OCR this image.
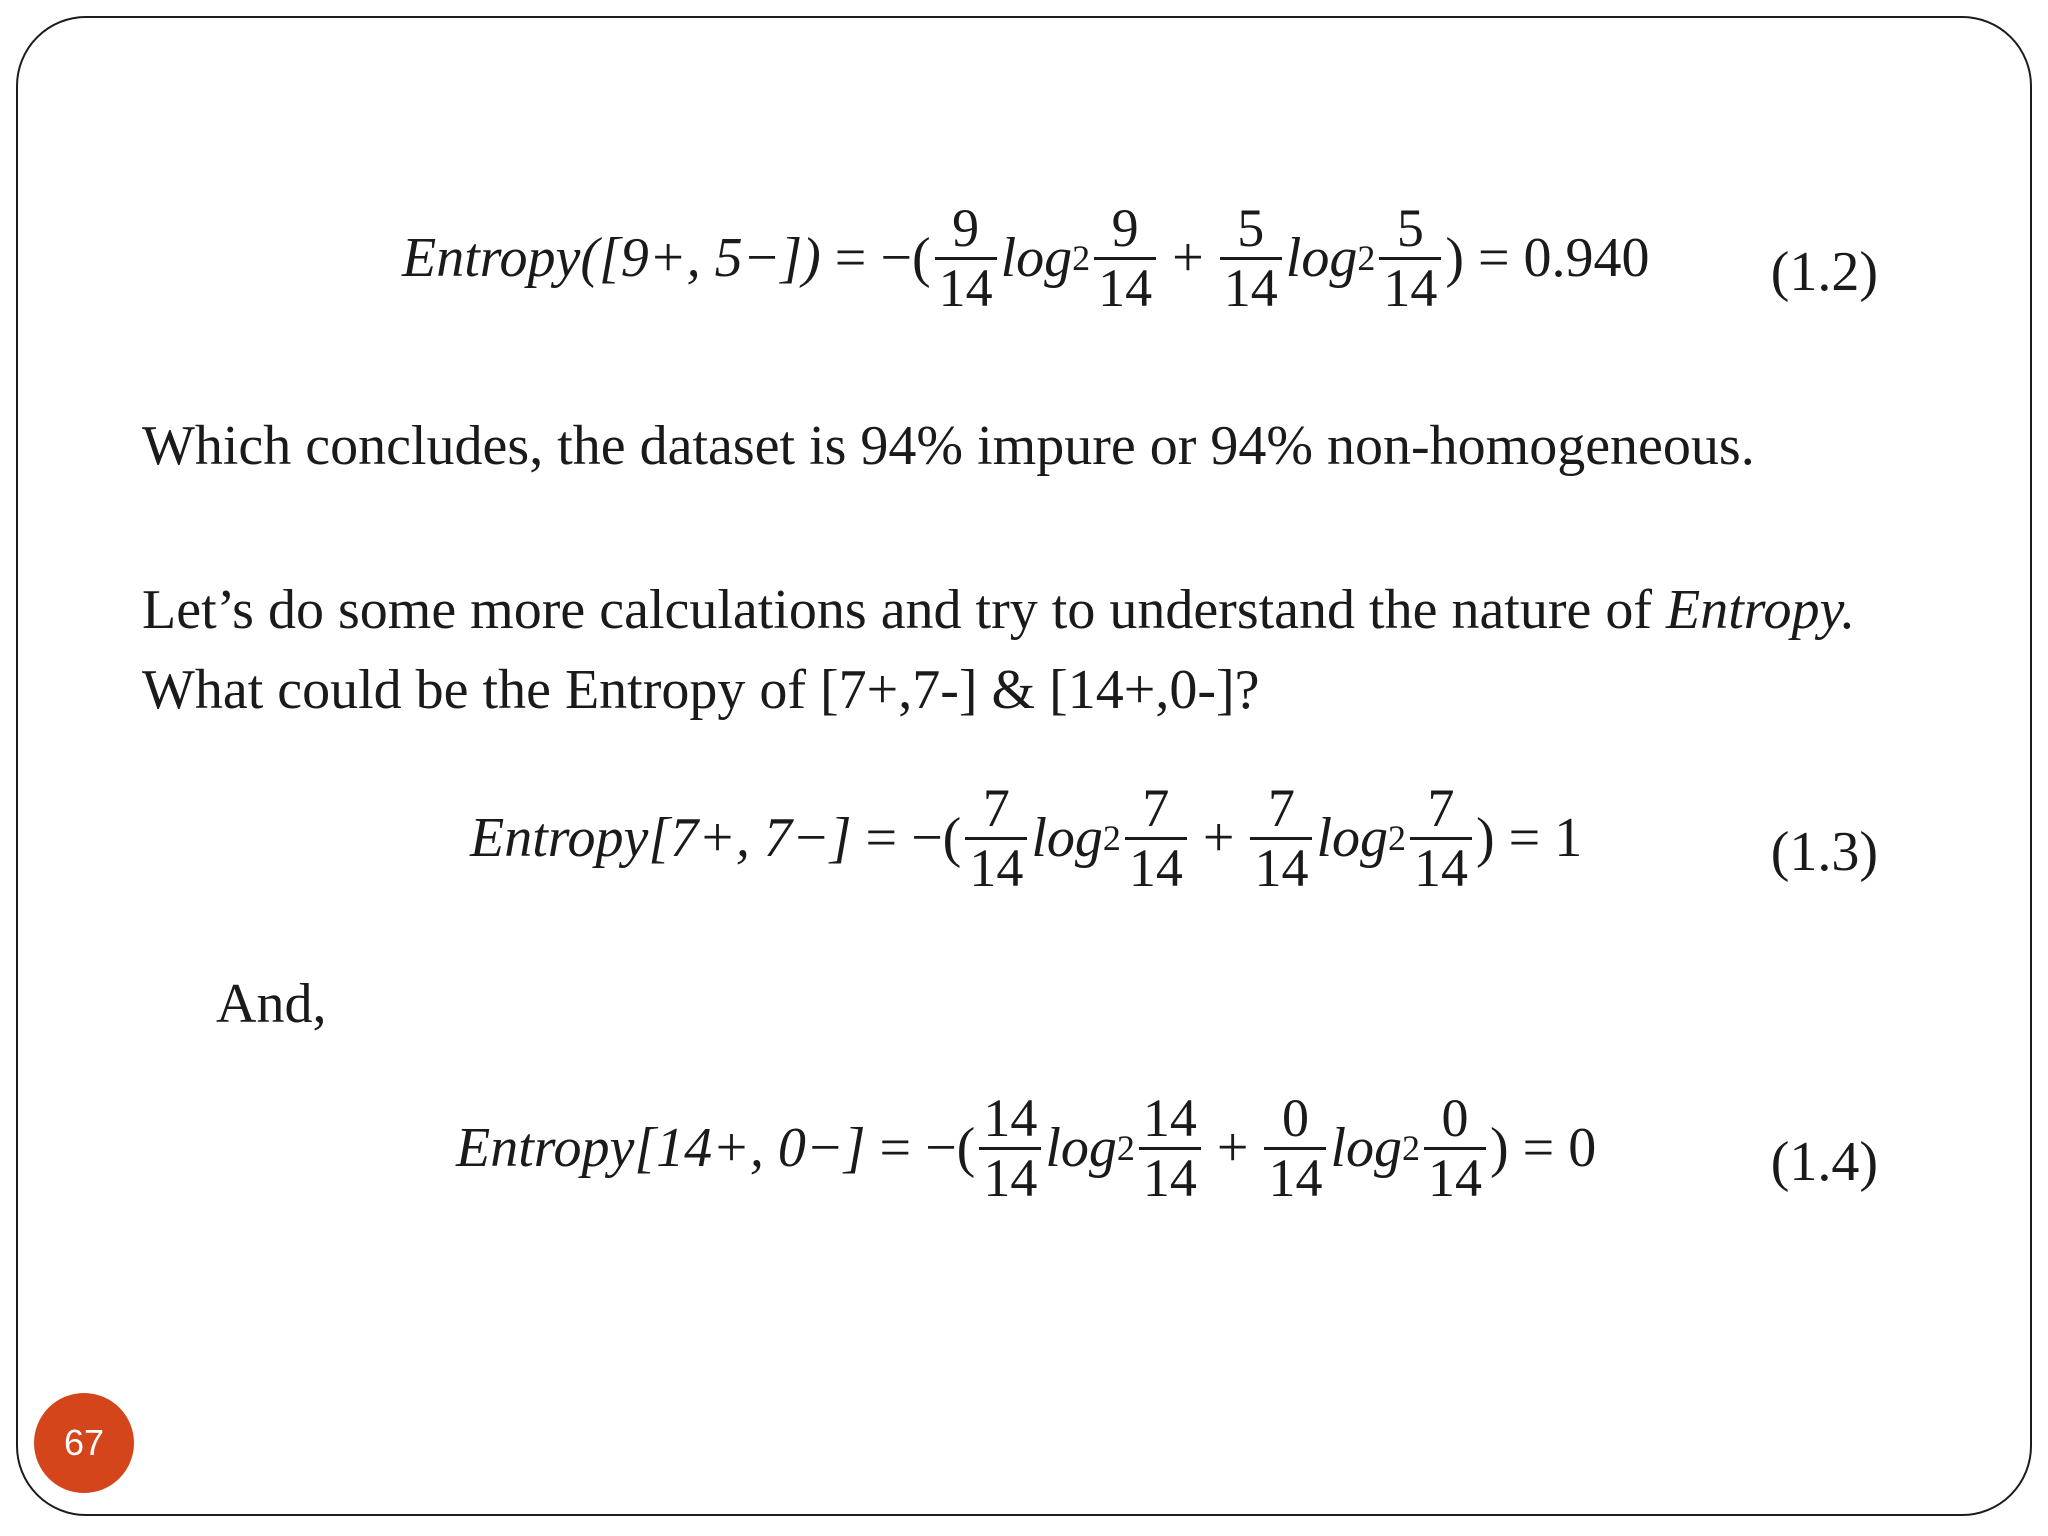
Entropy([9+, 5−]) = −( $\frac{9}{14}$ $\log 2 \frac{9}{14} + \frac{5}{14}$ $\log 2 \frac{5}{14}$ ) = 0.940 (1.2)

Which concludes, the dataset is 94% impure or 94% non-homogeneous.

Let’s do some more calculations and try to understand the nature of Entropy.

What could be the Entropy of [7+,7-] & [14+,0-]?

Entropy[7+, 7−] = −( $\frac{7}{14}$ $\log 2 \frac{7}{14} + \frac{7}{14}$ $\log 2 \frac{7}{14}$ ) = 1	(1.3)

And,

Entropy[14+, 0−] = −( $\frac{14}{14}$ $\log 2 \frac{14}{14} + \frac{0}{14}$ $\log 2 \frac{0}{14}$ ) = 0	(1.4)
67
